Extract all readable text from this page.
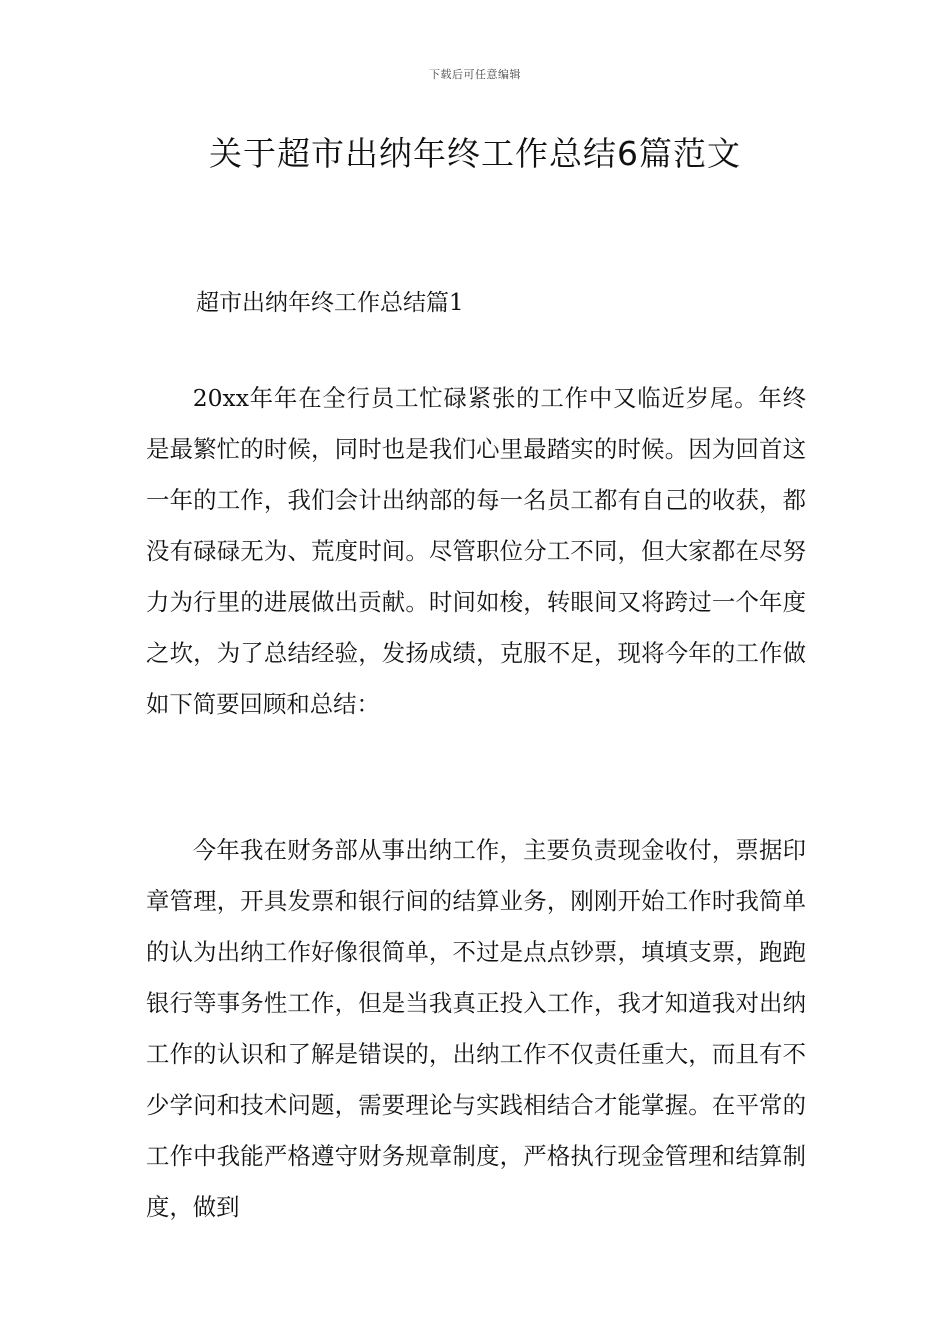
下载后可任意编辑
关于超市出纳年终工作总结6篇范文
超市出纳年终工作总结篇1

20xx年年在全行员工忙碌紧张的工作中又临近岁尾。年终是最繁忙的时候，同时也是我们心里最踏实的时候。因为回首这一年的工作，我们会计出纳部的每一名员工都有自己的收获，都没有碌碌无为、荒度时间。尽管职位分工不同，但大家都在尽努力为行里的进展做出贡献。时间如梭，转眼间又将跨过一个年度之坎，为了总结经验，发扬成绩，克服不足，现将今年的工作做如下简要回顾和总结：

今年我在财务部从事出纳工作，主要负责现金收付，票据印章管理，开具发票和银行间的结算业务，刚刚开始工作时我简单的认为出纳工作好像很简单，不过是点点钞票，填填支票，跑跑银行等事务性工作，但是当我真正投入工作，我才知道我对出纳工作的认识和了解是错误的，出纳工作不仅责任重大，而且有不少学问和技术问题，需要理论与实践相结合才能掌握。在平常的工作中我能严格遵守财务规章制度，严格执行现金管理和结算制度，做到
